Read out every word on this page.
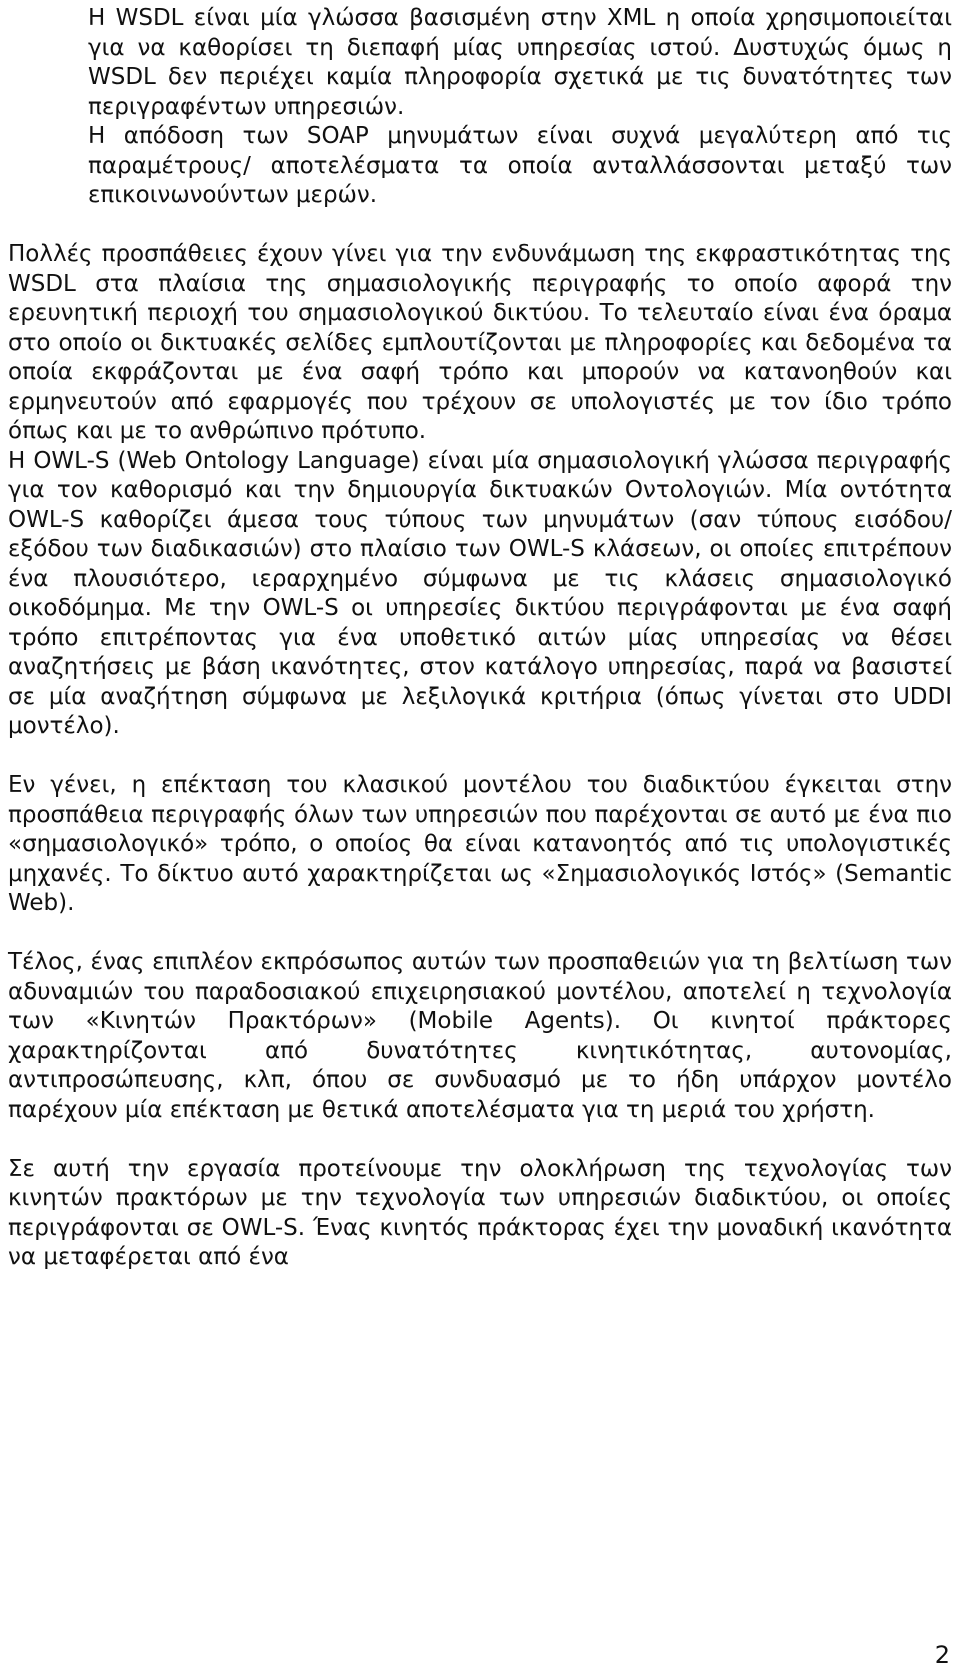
Η WSDL είναι μία γλώσσα βασισμένη στην XML η οποία χρησιμοποιείται για να καθορίσει τη διεπαφή μίας υπηρεσίας ιστού. Δυστυχώς όμως η WSDL δεν περιέχει καμία πληροφορία σχετικά με τις δυνατότητες των περιγραφέντων υπηρεσιών.

Η απόδοση των SOAP μηνυμάτων είναι συχνά μεγαλύτερη από τις παραμέτρους/ αποτελέσματα τα οποία ανταλλάσσονται μεταξύ των επικοινωνούντων μερών.

Πολλές προσπάθειες έχουν γίνει για την ενδυνάμωση της εκφραστικότητας της WSDL στα πλαίσια της σημασιολογικής περιγραφής το οποίο αφορά την ερευνητική περιοχή του σημασιολογικού δικτύου. Το τελευταίο είναι ένα όραμα στο οποίο οι δικτυακές σελίδες εμπλουτίζονται με πληροφορίες και δεδομένα τα οποία εκφράζονται με ένα σαφή τρόπο και μπορούν να κατανοηθούν και ερμηνευτούν από εφαρμογές που τρέχουν σε υπολογιστές με τον ίδιο τρόπο όπως και με το ανθρώπινο πρότυπο.

Η OWL-S (Web Ontology Language) είναι μία σημασιολογική γλώσσα περιγραφής για τον καθορισμό και την δημιουργία δικτυακών Οντολογιών. Μία οντότητα OWL-S καθορίζει άμεσα τους τύπους των μηνυμάτων (σαν τύπους εισόδου/ εξόδου των διαδικασιών) στο πλαίσιο των OWL-S κλάσεων, οι οποίες επιτρέπουν ένα πλουσιότερο, ιεραρχημένο σύμφωνα με τις κλάσεις σημασιολογικό οικοδόμημα. Με την OWL-S οι υπηρεσίες δικτύου περιγράφονται με ένα σαφή τρόπο επιτρέποντας για ένα υποθετικό αιτών μίας υπηρεσίας να θέσει αναζητήσεις με βάση ικανότητες, στον κατάλογο υπηρεσίας, παρά να βασιστεί σε μία αναζήτηση σύμφωνα με λεξιλογικά κριτήρια (όπως γίνεται στο UDDI μοντέλο).

Εν γένει, η επέκταση του κλασικού μοντέλου του διαδικτύου έγκειται στην προσπάθεια περιγραφής όλων των υπηρεσιών που παρέχονται σε αυτό με ένα πιο «σημασιολογικό» τρόπο, ο οποίος θα είναι κατανοητός από τις υπολογιστικές μηχανές. Το δίκτυο αυτό χαρακτηρίζεται ως «Σημασιολογικός Ιστός» (Semantic Web).

Τέλος, ένας επιπλέον εκπρόσωπος αυτών των προσπαθειών για τη βελτίωση των αδυναμιών του παραδοσιακού επιχειρησιακού μοντέλου, αποτελεί η τεχνολογία των «Κινητών Πρακτόρων» (Mobile Agents). Οι κινητοί πράκτορες χαρακτηρίζονται από δυνατότητες κινητικότητας, αυτονομίας, αντιπροσώπευσης, κλπ, όπου σε συνδυασμό με το ήδη υπάρχον μοντέλο παρέχουν μία επέκταση με θετικά αποτελέσματα για τη μεριά του χρήστη.

Σε αυτή την εργασία προτείνουμε την ολοκλήρωση της τεχνολογίας των κινητών πρακτόρων με την τεχνολογία των υπηρεσιών διαδικτύου, οι οποίες περιγράφονται σε OWL-S. Ένας κινητός πράκτορας έχει την μοναδική ικανότητα να μεταφέρεται από ένα

2
